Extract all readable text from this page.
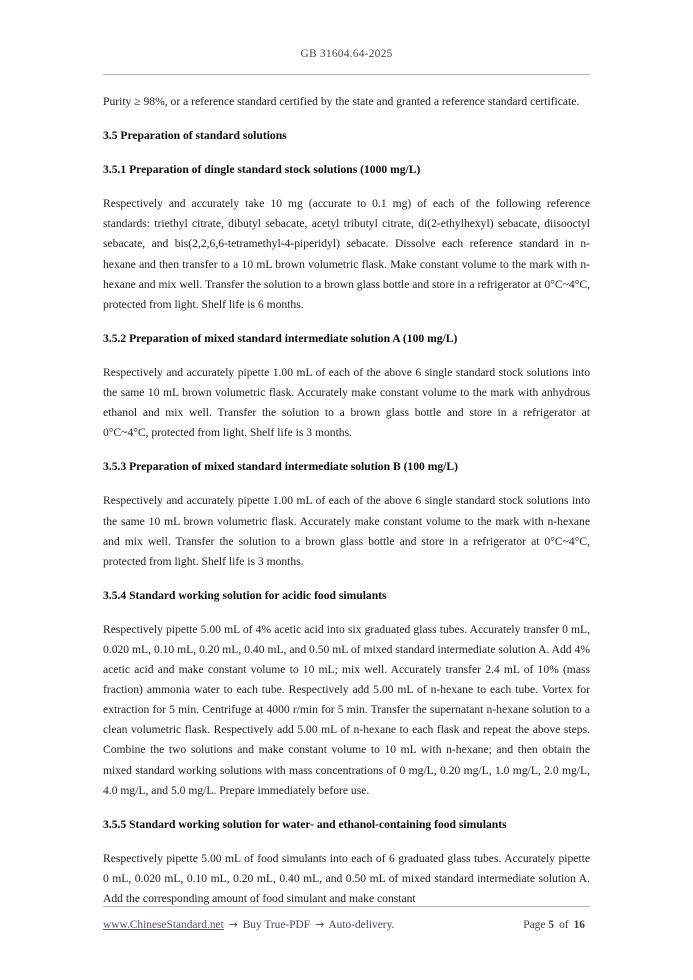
GB 31604.64-2025

Purity ≥ 98%, or a reference standard certified by the state and granted a reference standard certificate.

3.5 Preparation of standard solutions
3.5.1 Preparation of dingle standard stock solutions (1000 mg/L)

Respectively and accurately take 10 mg (accurate to 0.1 mg) of each of the following reference standards: triethyl citrate, dibutyl sebacate, acetyl tributyl citrate, di(2-ethylhexyl) sebacate, diisooctyl sebacate, and bis(2,2,6,6-tetramethyl-4-piperidyl) sebacate. Dissolve each reference standard in n-hexane and then transfer to a 10 mL brown volumetric flask. Make constant volume to the mark with n-hexane and mix well. Transfer the solution to a brown glass bottle and store in a refrigerator at 0°C~4°C, protected from light. Shelf life is 6 months.

3.5.2 Preparation of mixed standard intermediate solution A (100 mg/L)

Respectively and accurately pipette 1.00 mL of each of the above 6 single standard stock solutions into the same 10 mL brown volumetric flask. Accurately make constant volume to the mark with anhydrous ethanol and mix well. Transfer the solution to a brown glass bottle and store in a refrigerator at 0°C~4°C, protected from light. Shelf life is 3 months.

3.5.3 Preparation of mixed standard intermediate solution B (100 mg/L)

Respectively and accurately pipette 1.00 mL of each of the above 6 single standard stock solutions into the same 10 mL brown volumetric flask. Accurately make constant volume to the mark with n-hexane and mix well. Transfer the solution to a brown glass bottle and store in a refrigerator at 0°C~4°C, protected from light. Shelf life is 3 months.

3.5.4 Standard working solution for acidic food simulants

Respectively pipette 5.00 mL of 4% acetic acid into six graduated glass tubes. Accurately transfer 0 mL, 0.020 mL, 0.10 mL, 0.20 mL, 0.40 mL, and 0.50 mL of mixed standard intermediate solution A. Add 4% acetic acid and make constant volume to 10 mL; mix well. Accurately transfer 2.4 mL of 10% (mass fraction) ammonia water to each tube. Respectively add 5.00 mL of n-hexane to each tube. Vortex for extraction for 5 min. Centrifuge at 4000 r/min for 5 min. Transfer the supernatant n-hexane solution to a clean volumetric flask. Respectively add 5.00 mL of n-hexane to each flask and repeat the above steps. Combine the two solutions and make constant volume to 10 mL with n-hexane; and then obtain the mixed standard working solutions with mass concentrations of 0 mg/L, 0.20 mg/L, 1.0 mg/L, 2.0 mg/L, 4.0 mg/L, and 5.0 mg/L. Prepare immediately before use.

3.5.5 Standard working solution for water- and ethanol-containing food simulants

Respectively pipette 5.00 mL of food simulants into each of 6 graduated glass tubes. Accurately pipette 0 mL, 0.020 mL, 0.10 mL, 0.20 mL, 0.40 mL, and 0.50 mL of mixed standard intermediate solution A. Add the corresponding amount of food simulant and make constant

www.ChineseStandard.net → Buy True-PDF → Auto-delivery.	Page 5 of 16
